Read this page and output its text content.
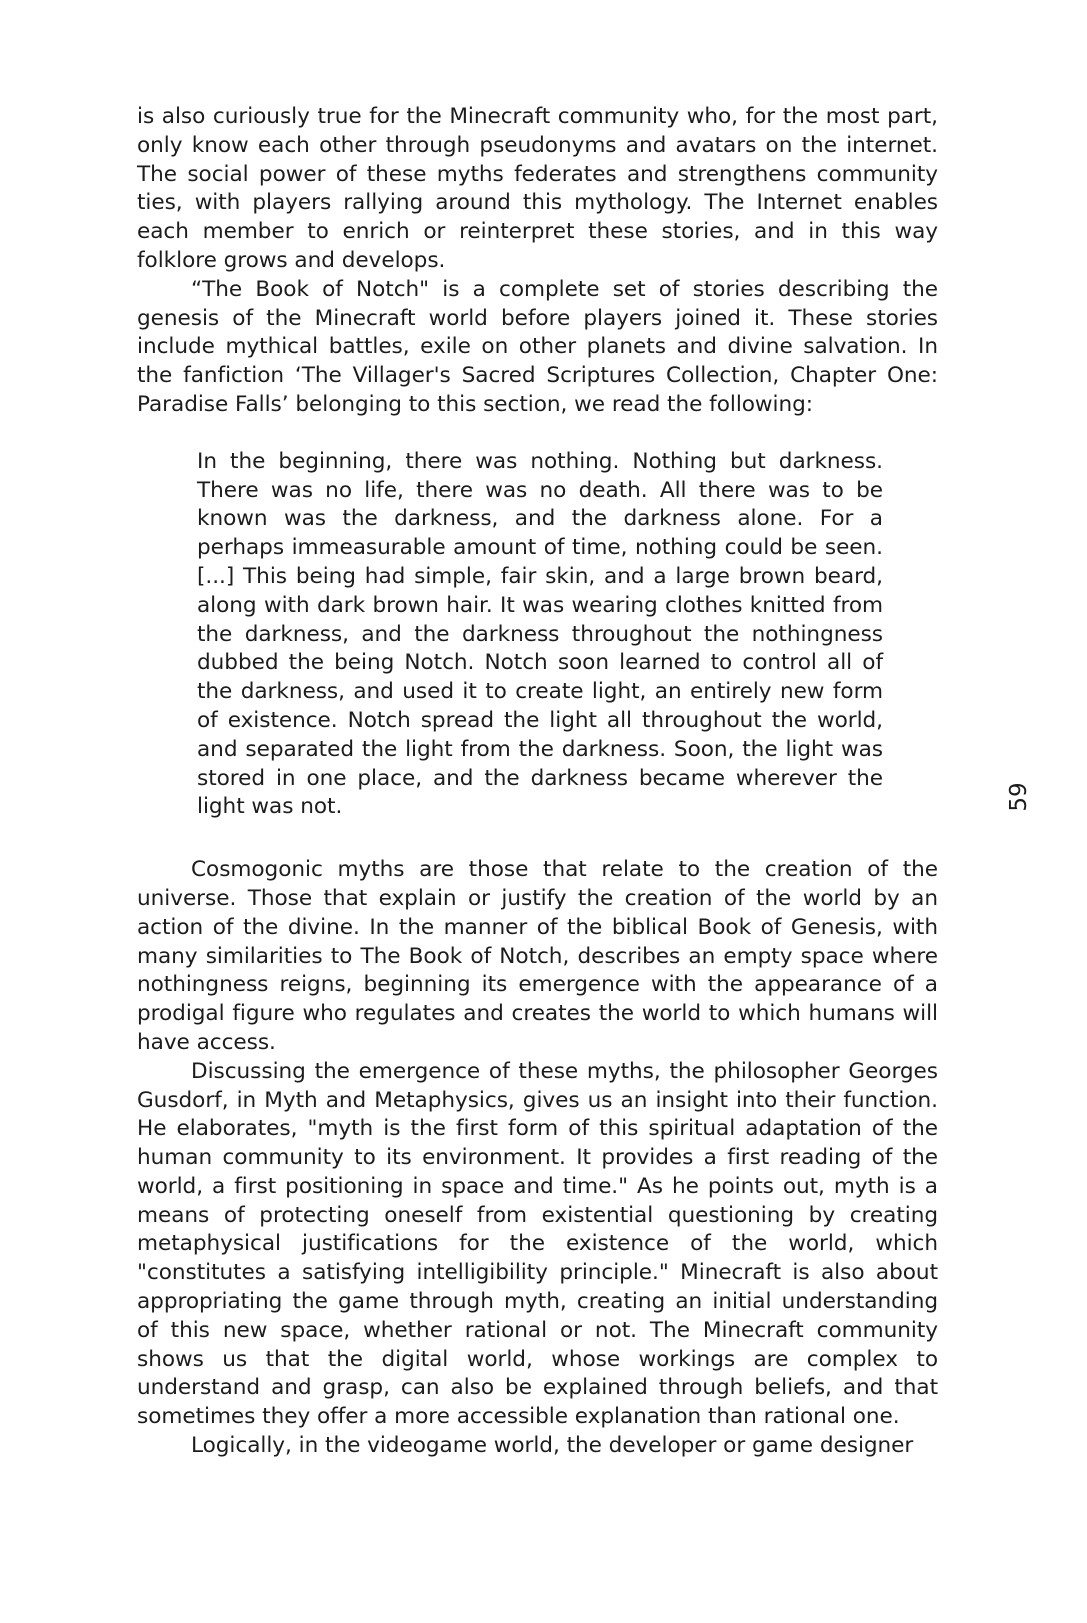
is also curiously true for the Minecraft community who, for the most part, only know each other through pseudonyms and avatars on the internet. The social power of these myths federates and strengthens community ties, with players rallying around this mythology. The Internet enables each member to enrich or reinterpret these stories, and in this way folklore grows and develops.

“The Book of Notch" is a complete set of stories describing the genesis of the Minecraft world before players joined it. These stories include mythical battles, exile on other planets and divine salvation. In the fanfiction ‘The Villager's Sacred Scriptures Collection, Chapter One: Paradise Falls’ belonging to this section, we read the following:

In the beginning, there was nothing. Nothing but darkness. There was no life, there was no death. All there was to be known was the darkness, and the darkness alone. For a perhaps immeasurable amount of time, nothing could be seen. [...] This being had simple, fair skin, and a large brown beard, along with dark brown hair. It was wearing clothes knitted from the darkness, and the darkness throughout the nothingness dubbed the being Notch. Notch soon learned to control all of the darkness, and used it to create light, an entirely new form of existence. Notch spread the light all throughout the world, and separated the light from the darkness. Soon, the light was stored in one place, and the darkness became wherever the light was not.

Cosmogonic myths are those that relate to the creation of the universe. Those that explain or justify the creation of the world by an action of the divine. In the manner of the biblical Book of Genesis, with many similarities to The Book of Notch, describes an empty space where nothingness reigns, beginning its emergence with the appearance of a prodigal figure who regulates and creates the world to which humans will have access.

Discussing the emergence of these myths, the philosopher Georges Gusdorf, in Myth and Metaphysics, gives us an insight into their function. He elaborates, "myth is the first form of this spiritual adaptation of the human community to its environment. It provides a first reading of the world, a first positioning in space and time." As he points out, myth is a means of protecting oneself from existential questioning by creating metaphysical justifications for the existence of the world, which "constitutes a satisfying intelligibility principle." Minecraft is also about appropriating the game through myth, creating an initial understanding of this new space, whether rational or not. The Minecraft community shows us that the digital world, whose workings are complex to understand and grasp, can also be explained through beliefs, and that sometimes they offer a more accessible explanation than rational one.

Logically, in the videogame world, the developer or game designer

59
